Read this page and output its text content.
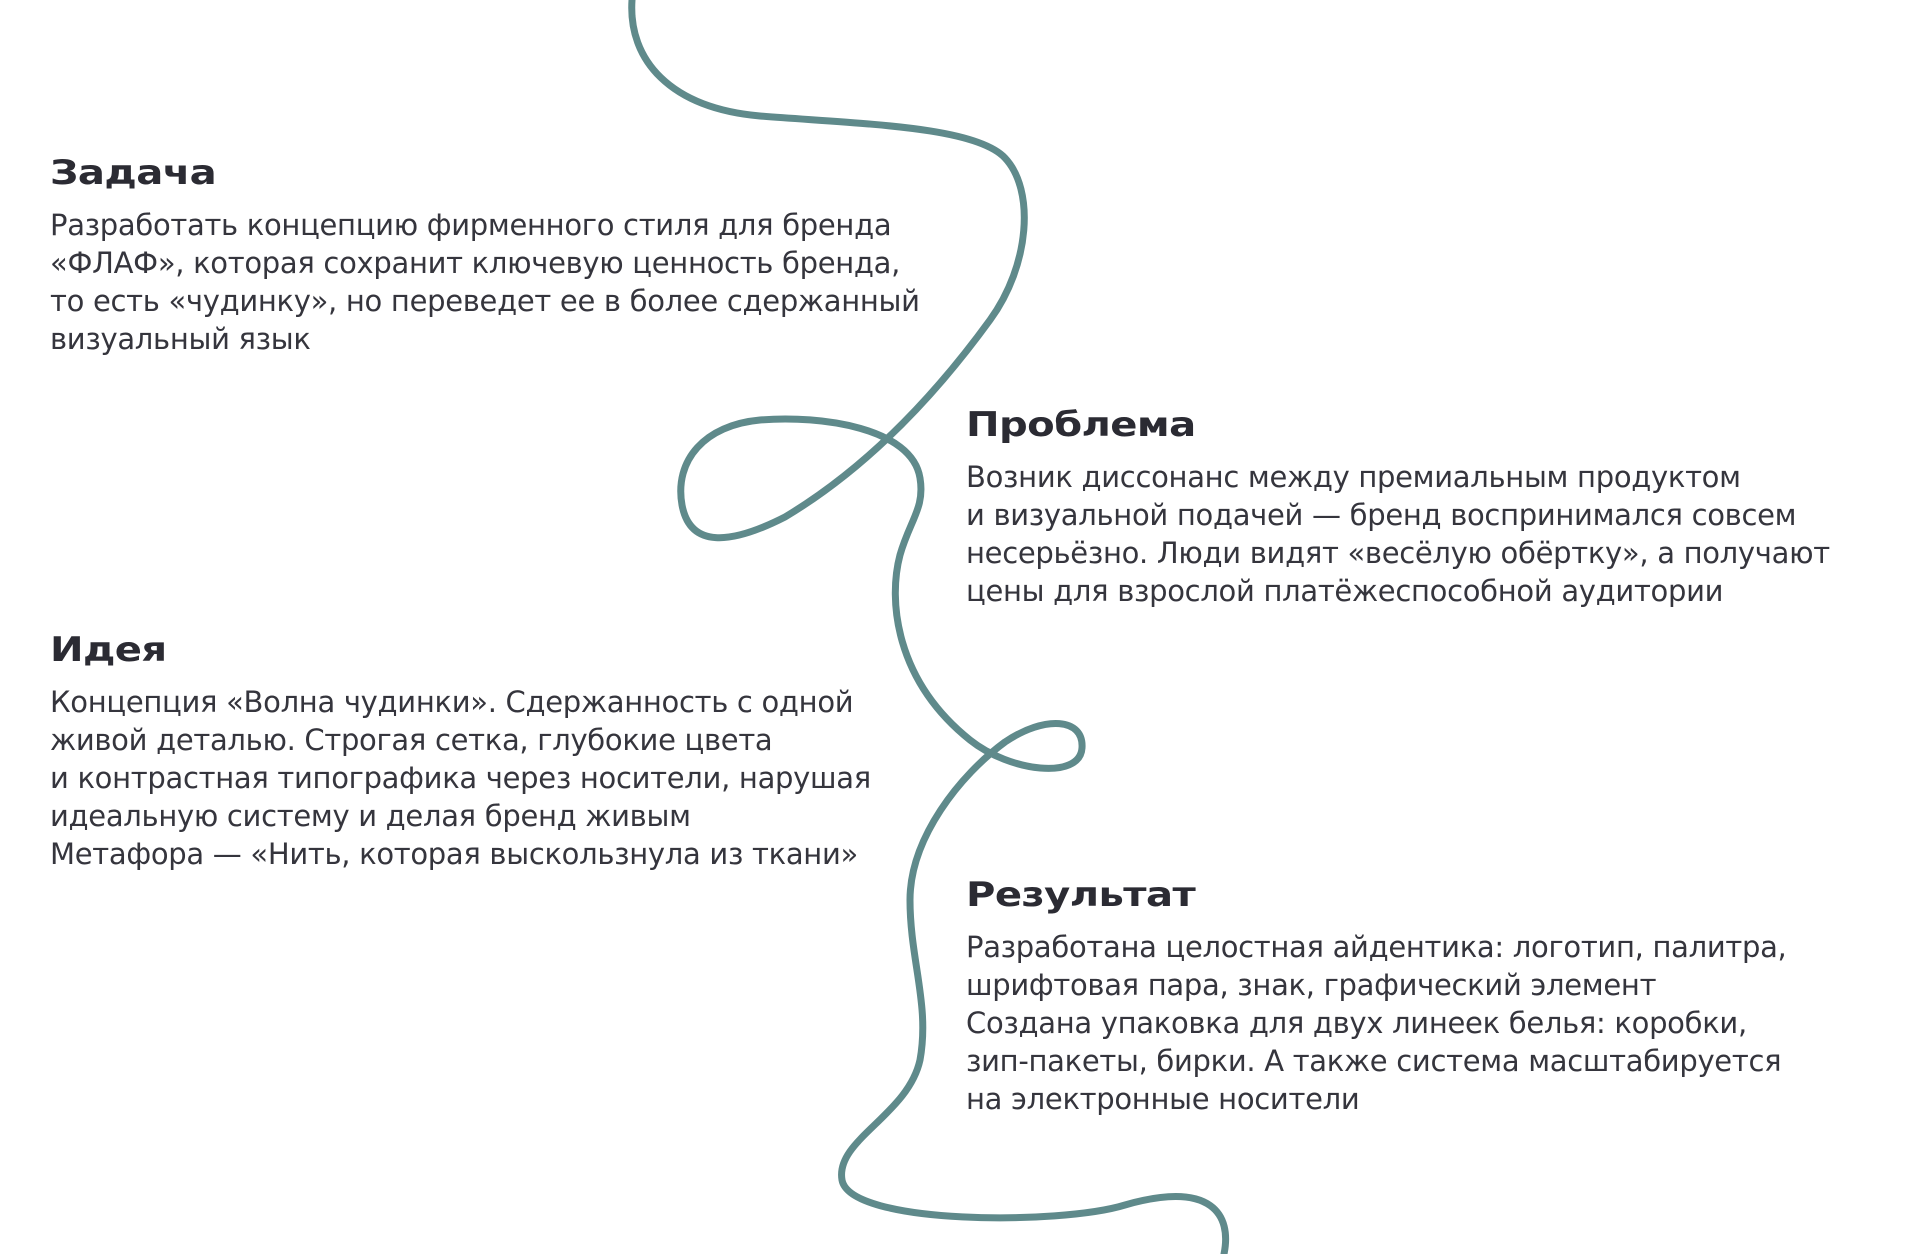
Задача

Разработать концепцию фирменного стиля для бренда
«ФЛАФ», которая сохранит ключевую ценность бренда,
то есть «чудинку», но переведет ее в более сдержанный
визуальный язык

Проблема

Возник диссонанс между премиальным продуктом
и визуальной подачей — бренд воспринимался совсем
несерьёзно. Люди видят «весёлую обёртку», а получают
цены для взрослой платёжеспособной аудитории

Идея

Концепция «Волна чудинки». Сдержанность с одной
живой деталью. Строгая сетка, глубокие цвета
и контрастная типографика через носители, нарушая
идеальную систему и делая бренд живым
Метафора — «Нить, которая выскользнула из ткани»

Результат

Разработана целостная айдентика: логотип, палитра,
шрифтовая пара, знак, графический элемент
Создана упаковка для двух линеек белья: коробки,
зип-пакеты, бирки. А также система масштабируется
на электронные носители
